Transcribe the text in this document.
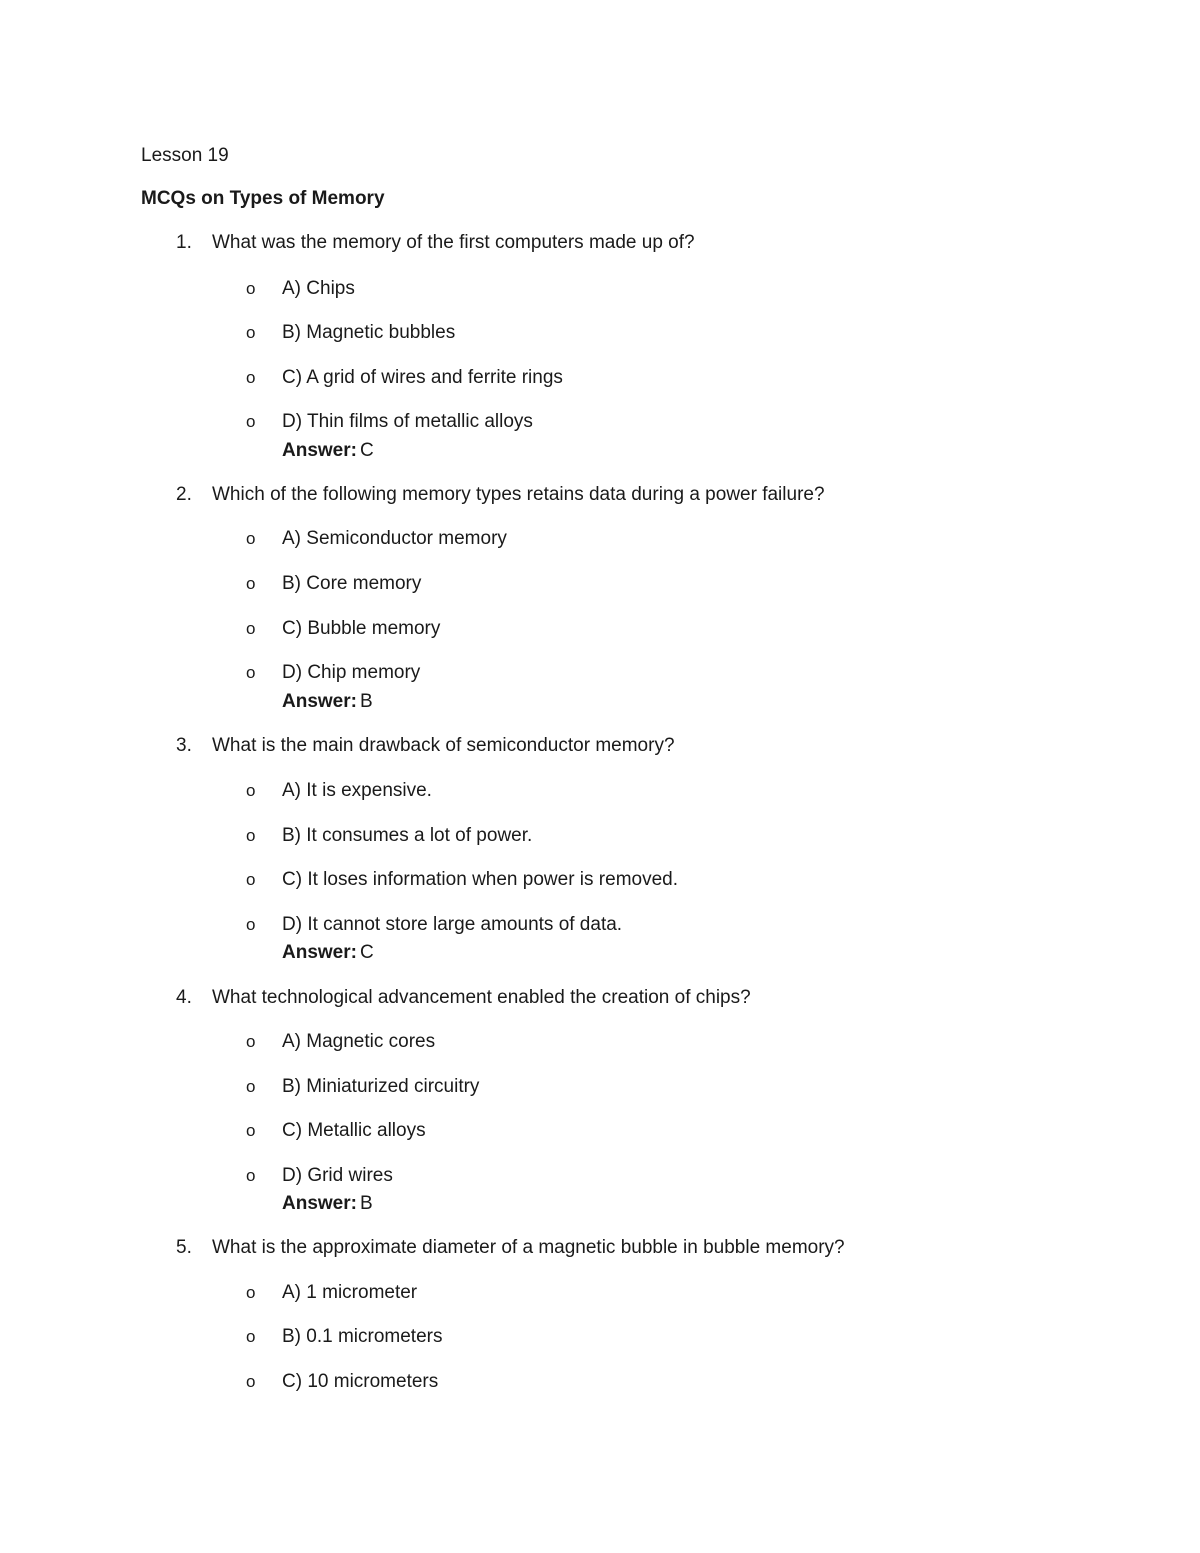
Lesson 19
MCQs on Types of Memory
1. What was the memory of the first computers made up of?
o A) Chips
o B) Magnetic bubbles
o C) A grid of wires and ferrite rings
o D) Thin films of metallic alloys
Answer: C
2. Which of the following memory types retains data during a power failure?
o A) Semiconductor memory
o B) Core memory
o C) Bubble memory
o D) Chip memory
Answer: B
3. What is the main drawback of semiconductor memory?
o A) It is expensive.
o B) It consumes a lot of power.
o C) It loses information when power is removed.
o D) It cannot store large amounts of data.
Answer: C
4. What technological advancement enabled the creation of chips?
o A) Magnetic cores
o B) Miniaturized circuitry
o C) Metallic alloys
o D) Grid wires
Answer: B
5. What is the approximate diameter of a magnetic bubble in bubble memory?
o A) 1 micrometer
o B) 0.1 micrometers
o C) 10 micrometers
